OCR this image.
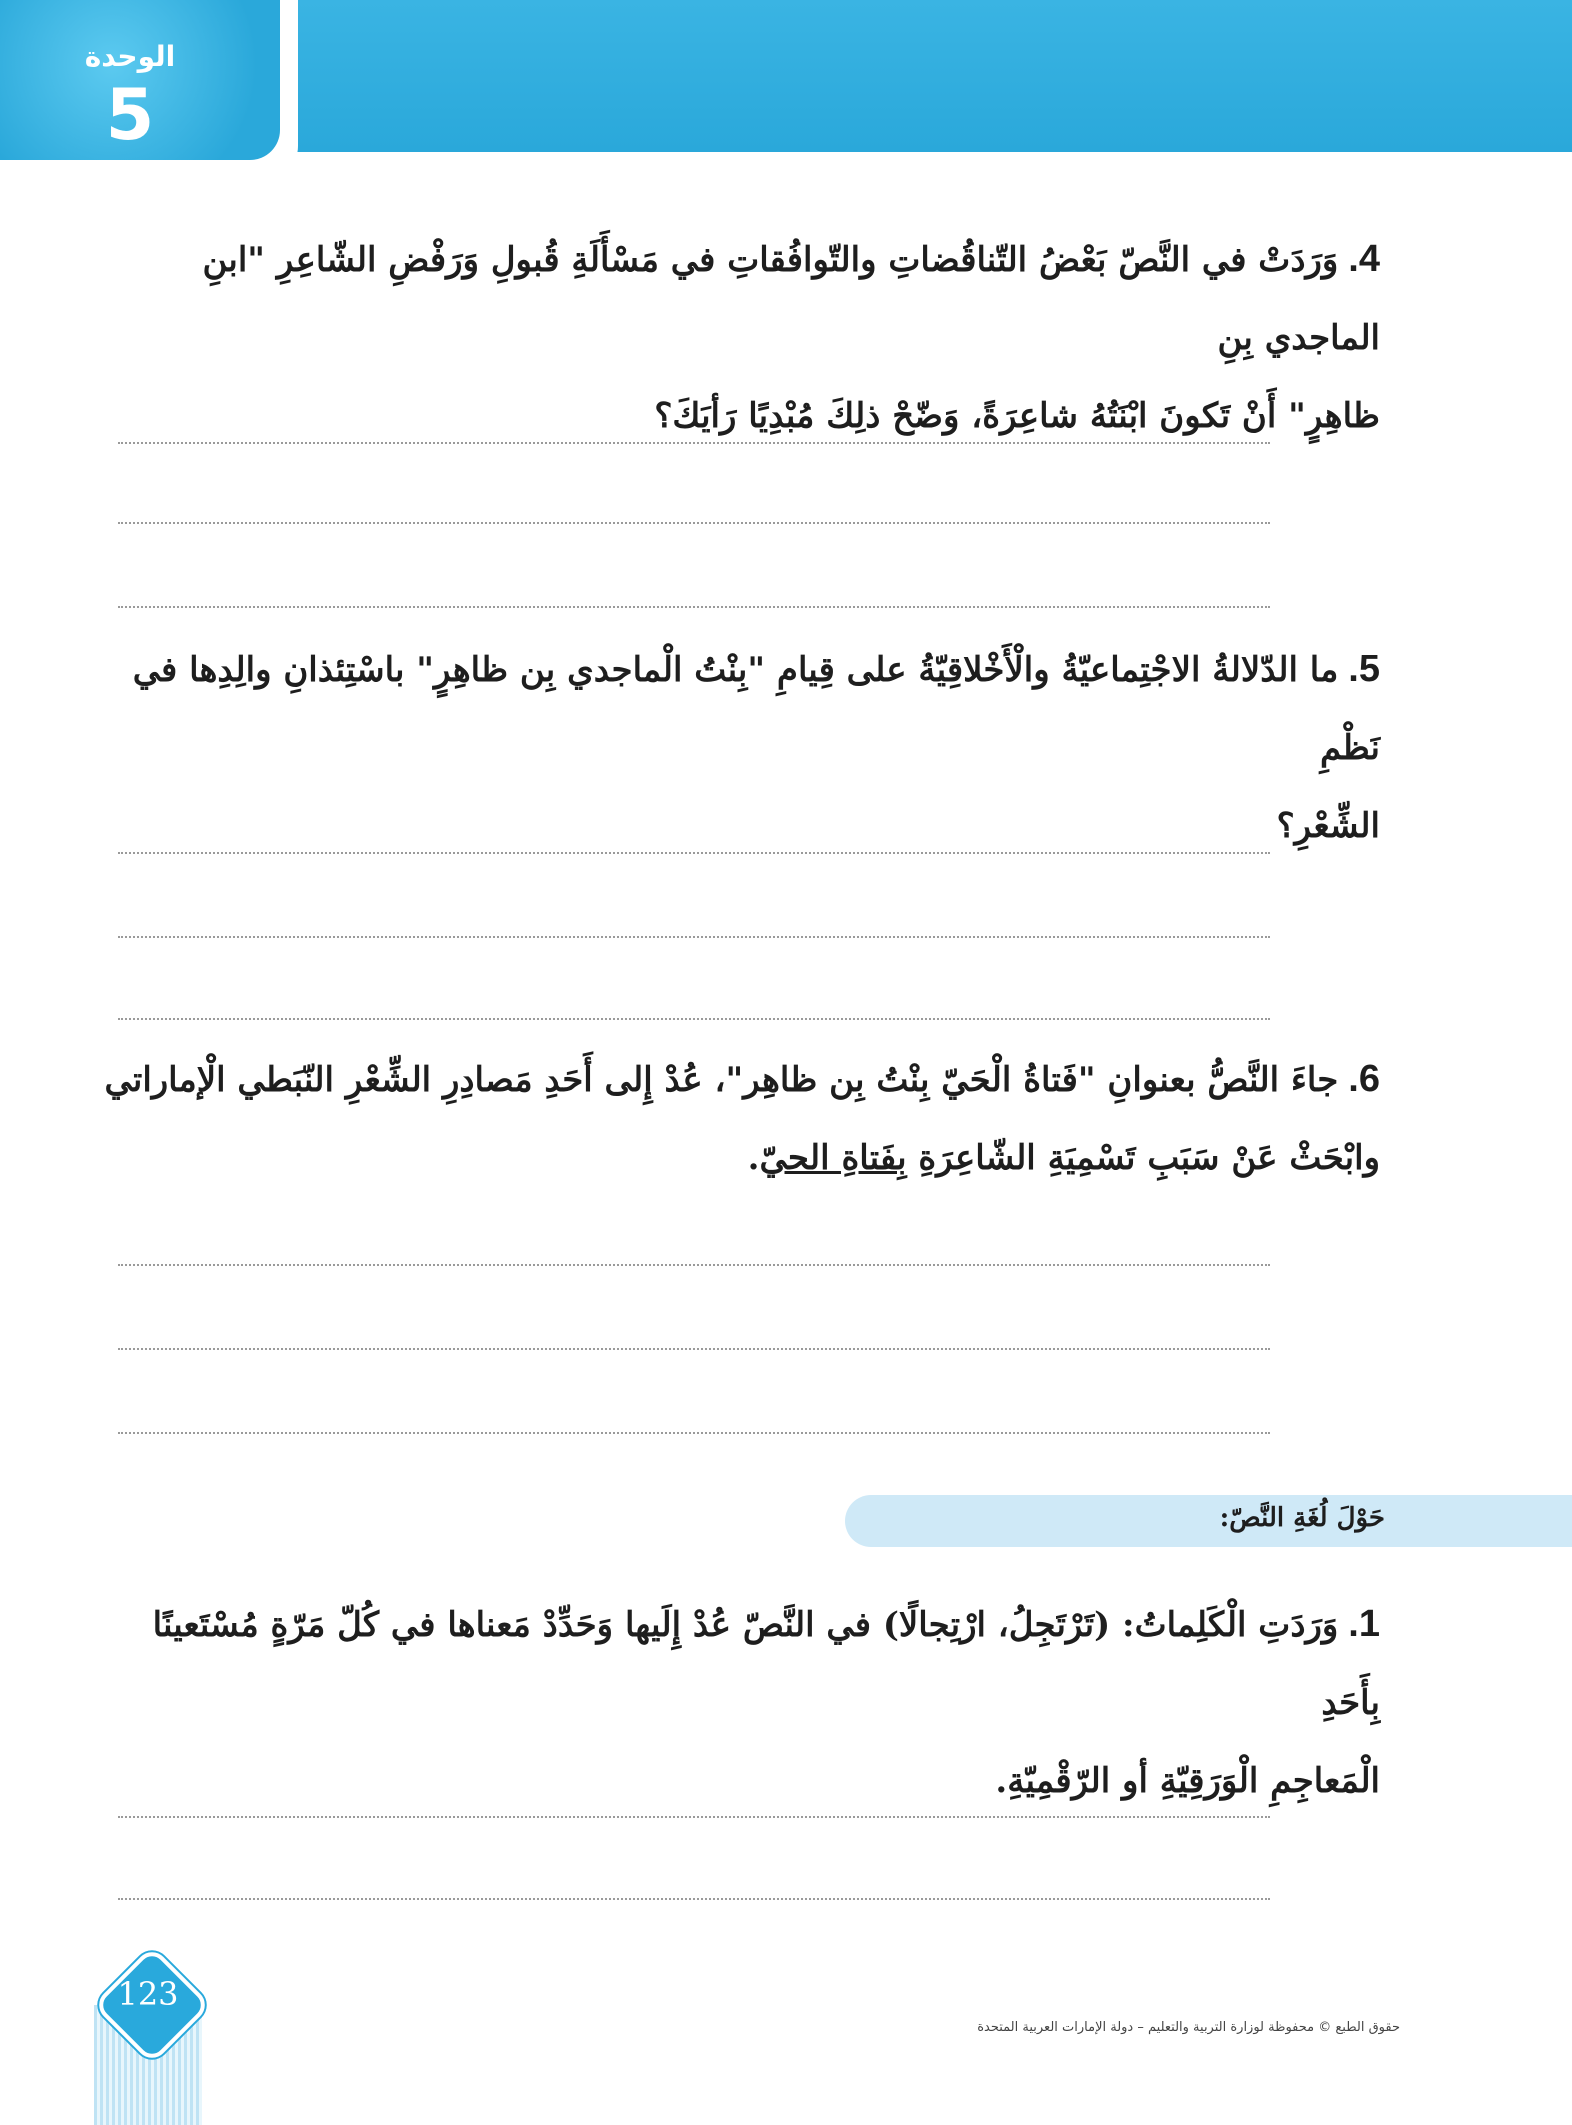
الوحدة
5
4.وَرَدَتْ في النَّصّ بَعْضُ التّناقُضاتِ والتّوافُقاتِ في مَسْأَلَةِ قُبولِ وَرَفْضِ الشّاعِرِ "ابنِ الماجدي بِنِ
ظاهِرٍ" أَنْ تَكونَ ابْنَتُهُ شاعِرَةً، وَضّحْ ذلِكَ مُبْدِيًا رَأيَكَ؟
5.ما الدّلالةُ الاجْتِماعيّةُ والْأَخْلاقِيّةُ على قِيامِ "بِنْتُ الْماجدي بِن ظاهِرٍ" باسْتِئذانِ والِدِها في نَظْمِ
الشِّعْرِ؟
6.جاءَ النَّصُّ بعنوانِ "فَتاةُ الْحَيّ بِنْتُ بِن ظاهِر"، عُدْ إِلى أَحَدِ مَصادِرِ الشِّعْرِ النّبَطي الْإماراتي
وابْحَثْ عَنْ سَبَبِ تَسْمِيَةِ الشّاعِرَةِ بِفَتاةِ الحيّ.
حَوْلَ لُغَةِ النَّصّ:
1.وَرَدَتِ الْكَلِماتُ: (تَرْتَجِلُ، ارْتِجالًا) في النَّصّ عُدْ إِلَيها وَحَدِّدْ مَعناها في كُلّ مَرّةٍ مُسْتَعينًا بِأَحَدِ
الْمَعاجِمِ الْوَرَقِيّةِ أو الرّقْمِيّةِ.
123
حقوق الطبع © محفوظة لوزارة التربية والتعليم – دولة الإمارات العربية المتحدة
